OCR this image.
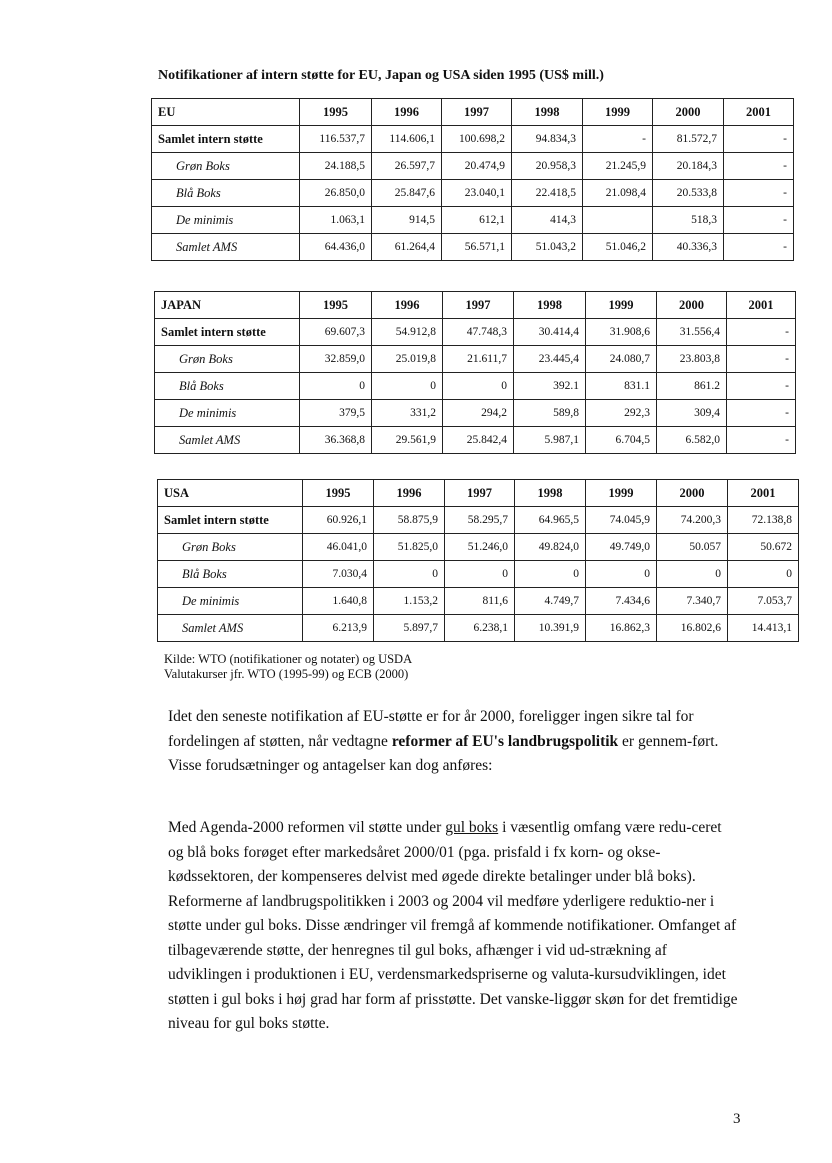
Notifikationer af intern støtte for EU, Japan og USA siden 1995 (US$ mill.)
EU	1995	1996	1997	1998	1999	2000	2001
Samlet intern støtte	116.537,7	114.606,1	100.698,2	94.834,3	-	81.572,7	-
Grøn Boks	24.188,5	26.597,7	20.474,9	20.958,3	21.245,9	20.184,3	-
Blå Boks	26.850,0	25.847,6	23.040,1	22.418,5	21.098,4	20.533,8	-
De minimis	1.063,1	914,5	612,1	414,3		518,3	-
Samlet AMS	64.436,0	61.264,4	56.571,1	51.043,2	51.046,2	40.336,3	-
JAPAN	1995	1996	1997	1998	1999	2000	2001
Samlet intern støtte	69.607,3	54.912,8	47.748,3	30.414,4	31.908,6	31.556,4	-
Grøn Boks	32.859,0	25.019,8	21.611,7	23.445,4	24.080,7	23.803,8	-
Blå Boks	0	0	0	392.1	831.1	861.2	-
De minimis	379,5	331,2	294,2	589,8	292,3	309,4	-
Samlet AMS	36.368,8	29.561,9	25.842,4	5.987,1	6.704,5	6.582,0	-
USA	1995	1996	1997	1998	1999	2000	2001
Samlet intern støtte	60.926,1	58.875,9	58.295,7	64.965,5	74.045,9	74.200,3	72.138,8
Grøn Boks	46.041,0	51.825,0	51.246,0	49.824,0	49.749,0	50.057	50.672
Blå Boks	7.030,4	0	0	0	0	0	0
De minimis	1.640,8	1.153,2	811,6	4.749,7	7.434,6	7.340,7	7.053,7
Samlet AMS	6.213,9	5.897,7	6.238,1	10.391,9	16.862,3	16.802,6	14.413,1
Kilde: WTO (notifikationer og notater) og USDA
Valutakurser jfr. WTO (1995-99) og ECB (2000)

Idet den seneste notifikation af EU-støtte er for år 2000, foreligger ingen sikre tal for fordelingen af støtten, når vedtagne reformer af EU's landbrugspolitik er gennem-ført. Visse forudsætninger og antagelser kan dog anføres:

Med Agenda-2000 reformen vil støtte under gul boks i væsentlig omfang være redu-ceret og blå boks forøget efter markedsåret 2000/01 (pga. prisfald i fx korn- og okse-kødssektoren, der kompenseres delvist med øgede direkte betalinger under blå boks). Reformerne af landbrugspolitikken i 2003 og 2004 vil medføre yderligere reduktio-ner i støtte under gul boks. Disse ændringer vil fremgå af kommende notifikationer. Omfanget af tilbageværende støtte, der henregnes til gul boks, afhænger i vid ud-strækning af udviklingen i produktionen i EU, verdensmarkedspriserne og valuta-kursudviklingen, idet støtten i gul boks i høj grad har form af prisstøtte. Det vanske-liggør skøn for det fremtidige niveau for gul boks støtte.

3
